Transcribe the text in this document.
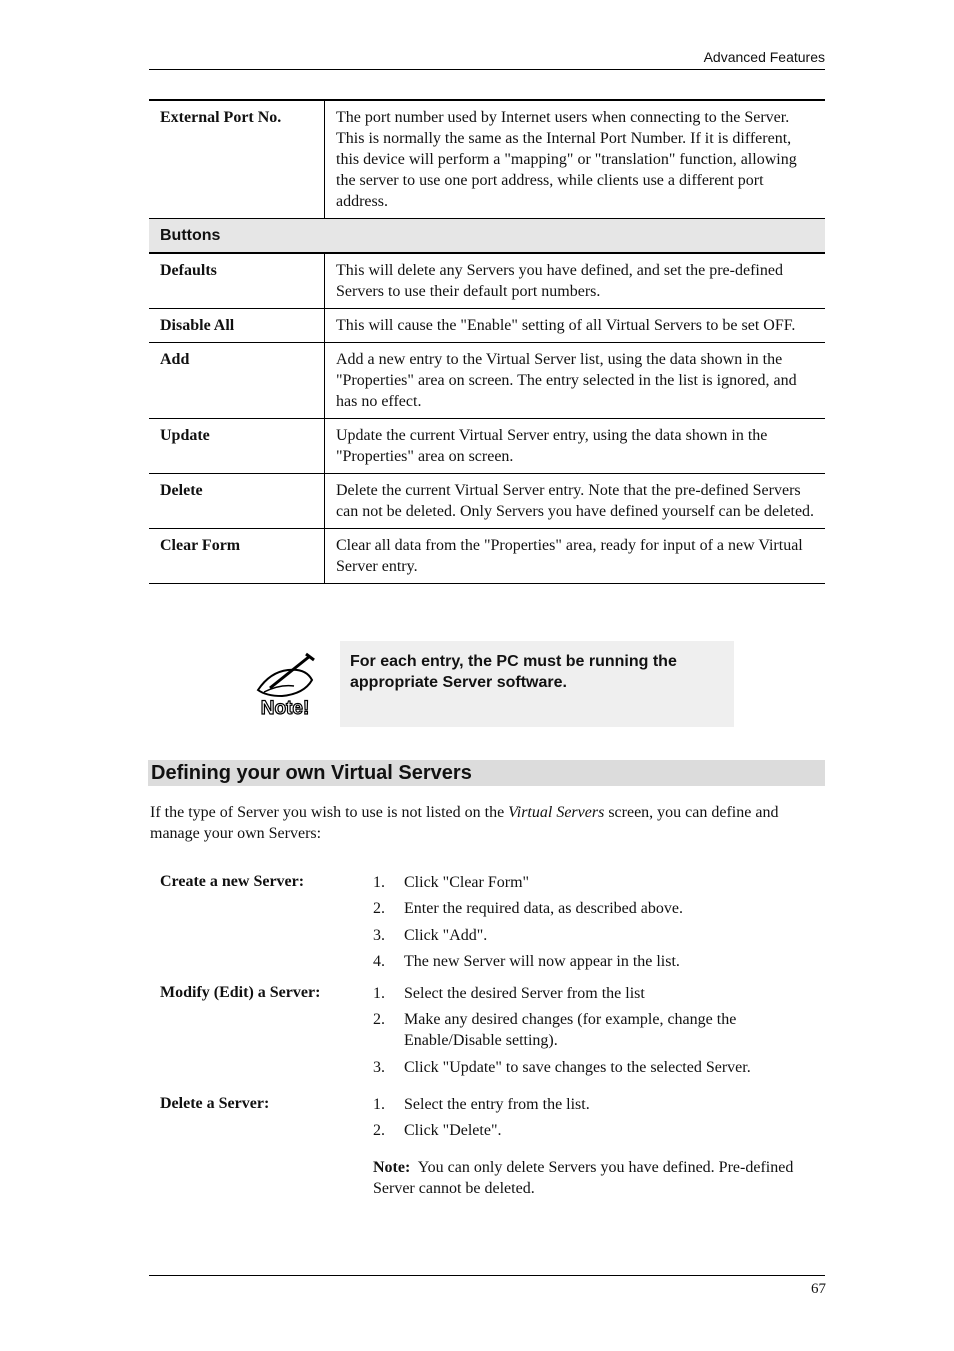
Advanced Features
External Port No.	The port number used by Internet users when connecting to the Server. This is normally the same as the Internal Port Number. If it is different, this device will perform a "mapping" or "translation" function, allowing the server to use one port address, while clients use a different port address.
Buttons	
Defaults	This will delete any Servers you have defined, and set the pre-defined Servers to use their default port numbers.
Disable All	This will cause the "Enable" setting of all Virtual Servers to be set OFF.
Add	Add a new entry to the Virtual Server list, using the data shown in the "Properties" area on screen. The entry selected in the list is ignored, and has no effect.
Update	Update the current Virtual Server entry, using the data shown in the "Properties" area on screen.
Delete	Delete the current Virtual Server entry. Note that the pre-defined Servers can not be deleted. Only Servers you have defined yourself can be deleted.
Clear Form	Clear all data from the "Properties" area, ready for input of a new Virtual Server entry.
Note!
For each entry, the PC must be running the appropriate Server software.
Defining your own Virtual Servers
If the type of Server you wish to use is not listed on the Virtual Servers screen, you can define and manage your own Servers:
Create a new Server:	1. Click "Clear Form"
2. Enter the required data, as described above.
3. Click "Add".
4. The new Server will now appear in the list.
Modify (Edit) a Server:	1. Select the desired Server from the list
2. Make any desired changes (for example, change the Enable/Disable setting).
3. Click "Update" to save changes to the selected Server.
Delete a Server:	1. Select the entry from the list.
2. Click "Delete".
Note: You can only delete Servers you have defined. Pre-defined Server cannot be deleted.
67
